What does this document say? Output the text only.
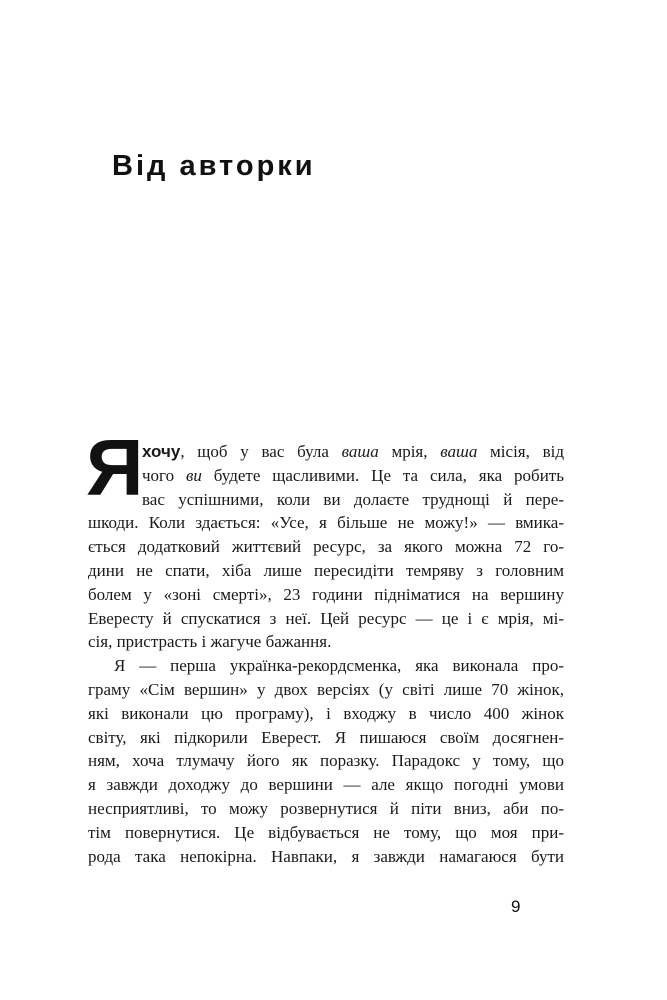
Від авторки
Я
хочу, щоб у вас була ваша мрія, ваша місія, від
чого ви будете щасливими. Це та сила, яка робить
вас успішними, коли ви долаєте труднощі й пере-
шкоди. Коли здається: «Усе, я більше не можу!» — вмика-
ється додатковий життєвий ресурс, за якого можна 72 го-
дини не спати, хіба лише пересидіти темряву з головним
болем у «зоні смерті», 23 години підніматися на вершину
Евересту й спускатися з неї. Цей ресурс — це і є мрія, мі-
сія, пристрасть і жагуче бажання.
Я — перша українка-рекордсменка, яка виконала про-
граму «Сім вершин» у двох версіях (у світі лише 70 жінок,
які виконали цю програму), і входжу в число 400 жінок
світу, які підкорили Еверест. Я пишаюся своїм досягнен-
ням, хоча тлумачу його як поразку. Парадокс у тому, що
я завжди доходжу до вершини — але якщо погодні умови
несприятливі, то можу розвернутися й піти вниз, аби по-
тім повернутися. Це відбувається не тому, що моя при-
рода така непокірна. Навпаки, я завжди намагаюся бути
9
